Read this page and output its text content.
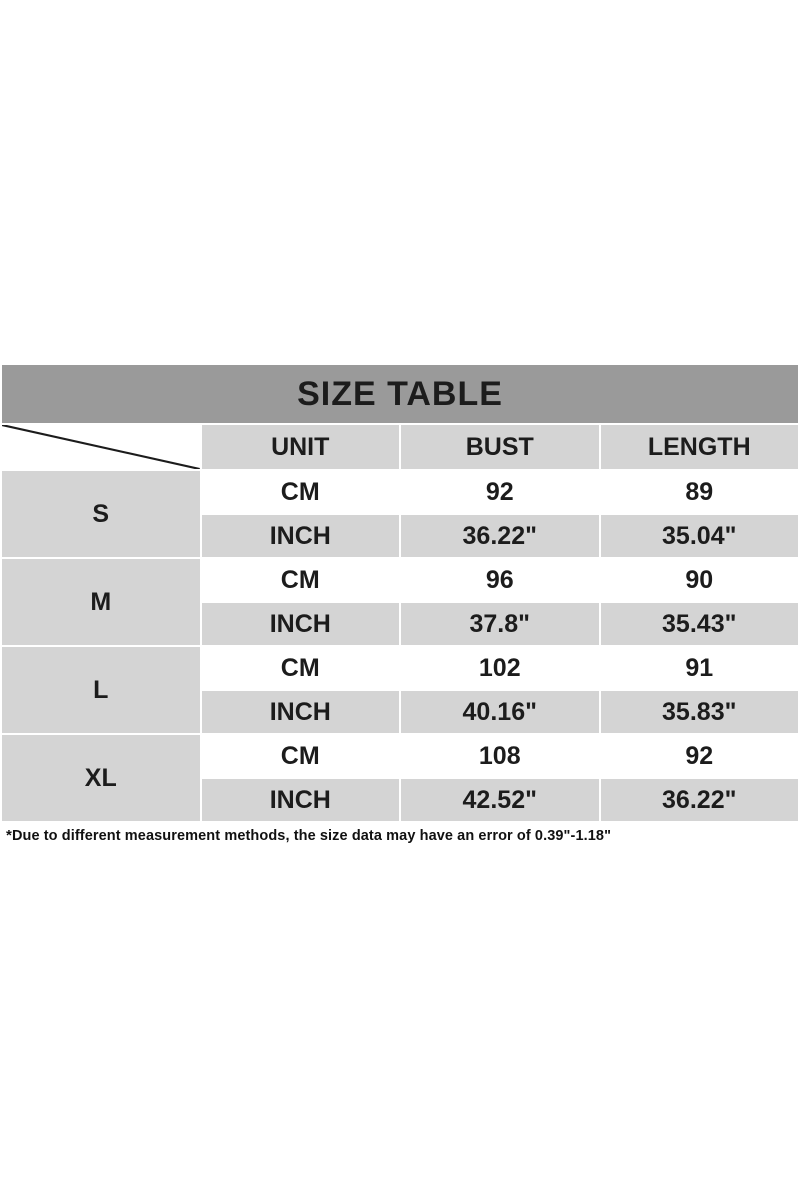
SIZE TABLE			

	UNIT	BUST	LENGTH
S	CM	92	89
	INCH	36.22"	35.04"
M	CM	96	90
	INCH	37.8"	35.43"
L	CM	102	91
	INCH	40.16"	35.83"
XL	CM	108	92
	INCH	42.52"	36.22"
*Due to different measurement methods, the size data may have an error of 0.39"-1.18"
